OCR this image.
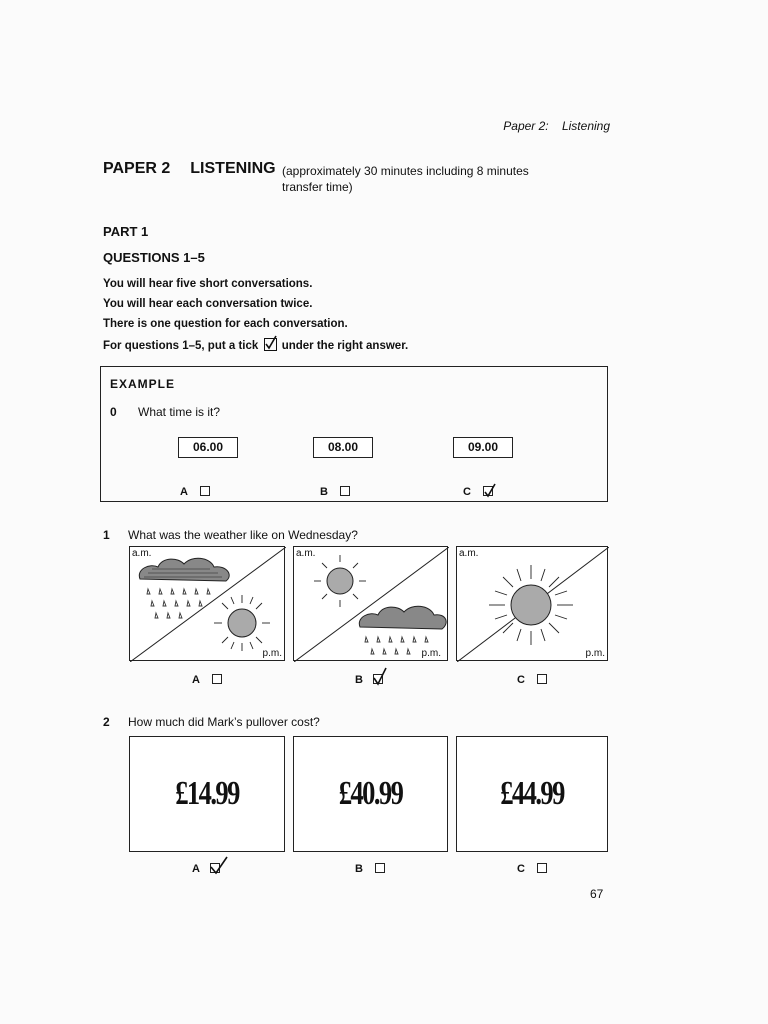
Paper 2:    Listening
PAPER 2 LISTENING (approximately 30 minutes including 8 minutes transfer time)
PART 1
QUESTIONS 1–5
You will hear five short conversations.
You will hear each conversation twice.
There is one question for each conversation.
For questions 1–5, put a tick under the right answer.
EXAMPLE
0 What time is it?
06.00	08.00	09.00
A	B	C
1 What was the weather like on Wednesday?
a.m.
p.m.
a.m.
p.m.
a.m.
p.m.
A	B	C
2 How much did Mark’s pullover cost?
£14.99	£40.99	£44.99
A	B	C
67
